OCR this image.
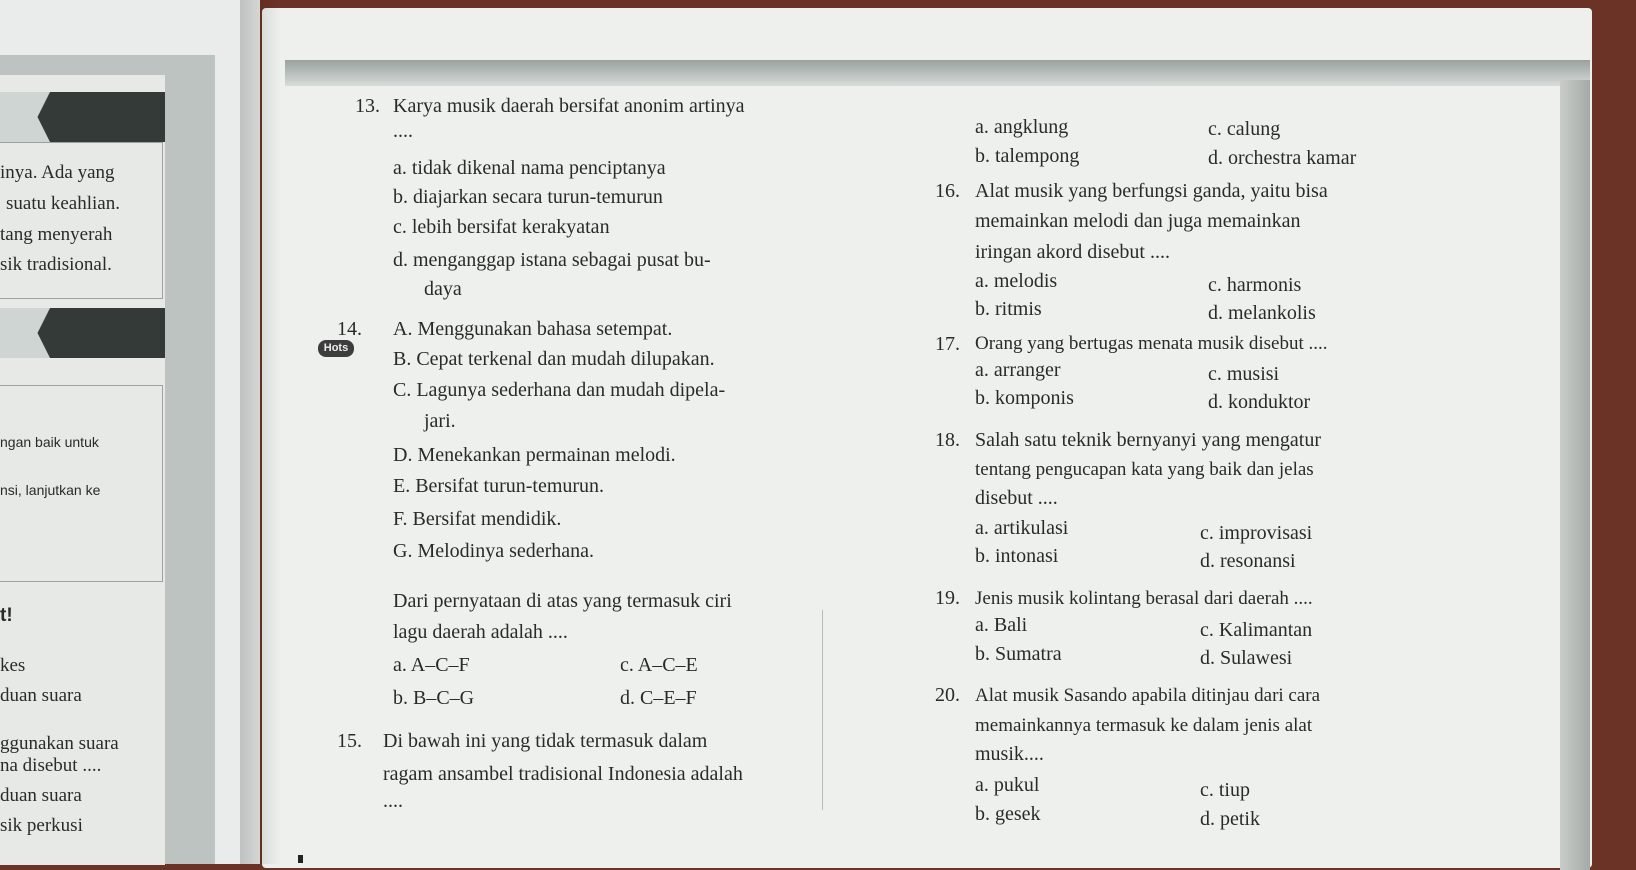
inya. Ada yang
suatu keahlian.
tang menyerah
sik tradisional.
ngan baik untuk
nsi, lanjutkan ke
t!
kes
duan suara
ggunakan suara
na disebut ....
duan suara
sik perkusi
13. Karya musik daerah bersifat anonim artinya
....
a. tidak dikenal nama penciptanya
b. diajarkan secara turun-temurun
c. lebih bersifat kerakyatan
d. menganggap istana sebagai pusat bu-
daya
14.
Hots
A. Menggunakan bahasa setempat.
B. Cepat terkenal dan mudah dilupakan.
C. Lagunya sederhana dan mudah dipela-
jari.
D. Menekankan permainan melodi.
E. Bersifat turun-temurun.
F. Bersifat mendidik.
G. Melodinya sederhana.
Dari pernyataan di atas yang termasuk ciri
lagu daerah adalah ....
a. A–C–F	c. A–C–E
b. B–C–G	d. C–E–F
15. Di bawah ini yang tidak termasuk dalam
ragam ansambel tradisional Indonesia adalah
....
a. angklung	c. calung
b. talempong	d. orchestra kamar
16. Alat musik yang berfungsi ganda, yaitu bisa
memainkan melodi dan juga memainkan
iringan akord disebut ....
a. melodis	c. harmonis
b. ritmis	d. melankolis
17. Orang yang bertugas menata musik disebut ....
a. arranger	c. musisi
b. komponis	d. konduktor
18. Salah satu teknik bernyanyi yang mengatur
tentang pengucapan kata yang baik dan jelas
disebut ....
a. artikulasi	c. improvisasi
b. intonasi	d. resonansi
19. Jenis musik kolintang berasal dari daerah ....
a. Bali	c. Kalimantan
b. Sumatra	d. Sulawesi
20. Alat musik Sasando apabila ditinjau dari cara
memainkannya termasuk ke dalam jenis alat
musik....
a. pukul	c. tiup
b. gesek	d. petik
